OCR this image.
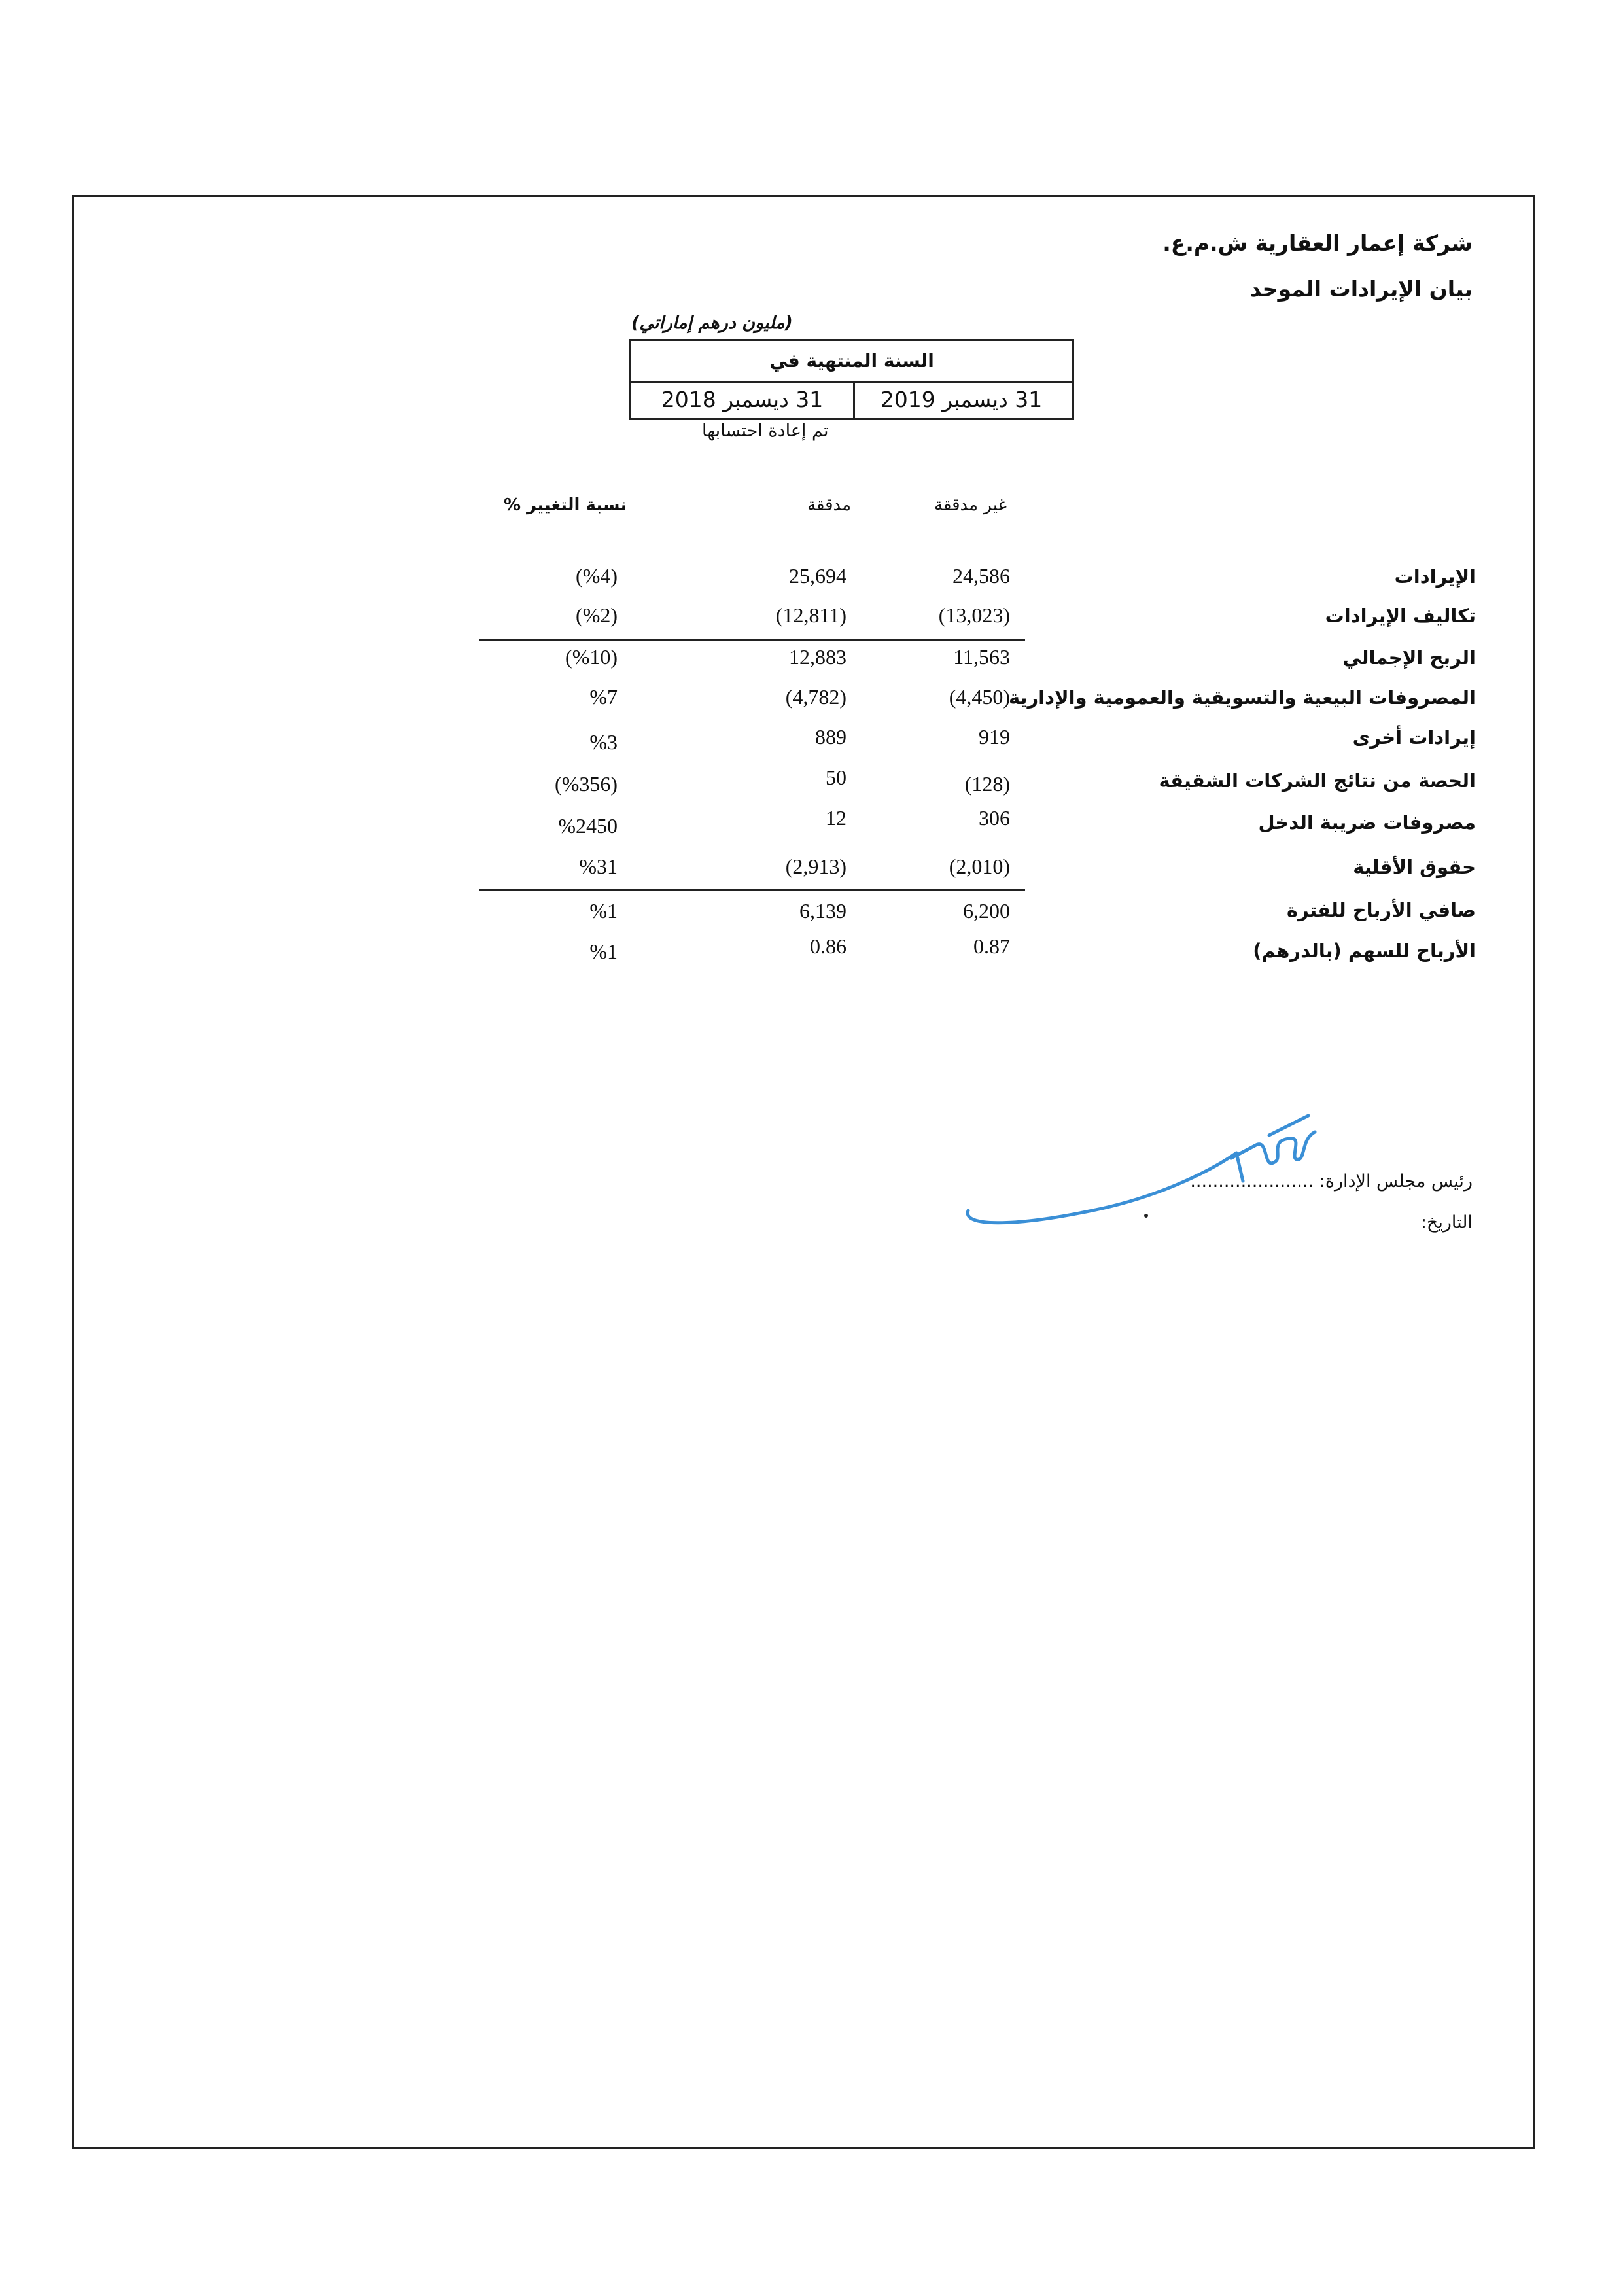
شركة إعمار العقارية ش.م.ع.
بيان الإيرادات الموحد
(مليون درهم إماراتي)
السنة المنتهية في
31 ديسمبر 2019
31 ديسمبر 2018
تم إعادة احتسابها
غير مدققة
مدققة
نسبة التغيير %
الإيرادات
24,586
25,694
(%4)
تكاليف الإيرادات
(13,023)
(12,811)
(%2)
الربح الإجمالي
11,563
12,883
(%10)
المصروفات البيعية والتسويقية والعمومية والإدارية
(4,450)
(4,782)
%7
إيرادات أخرى
919
889
%3
الحصة من نتائج الشركات الشقيقة
(128)
50
(%356)
مصروفات ضريبة الدخل
306
12
%2450
حقوق الأقلية
(2,010)
(2,913)
%31
صافي الأرباح للفترة
6,200
6,139
%1
الأرباح للسهم (بالدرهم)
0.87
0.86
%1
رئيس مجلس الإدارة: ......................
التاريخ:
